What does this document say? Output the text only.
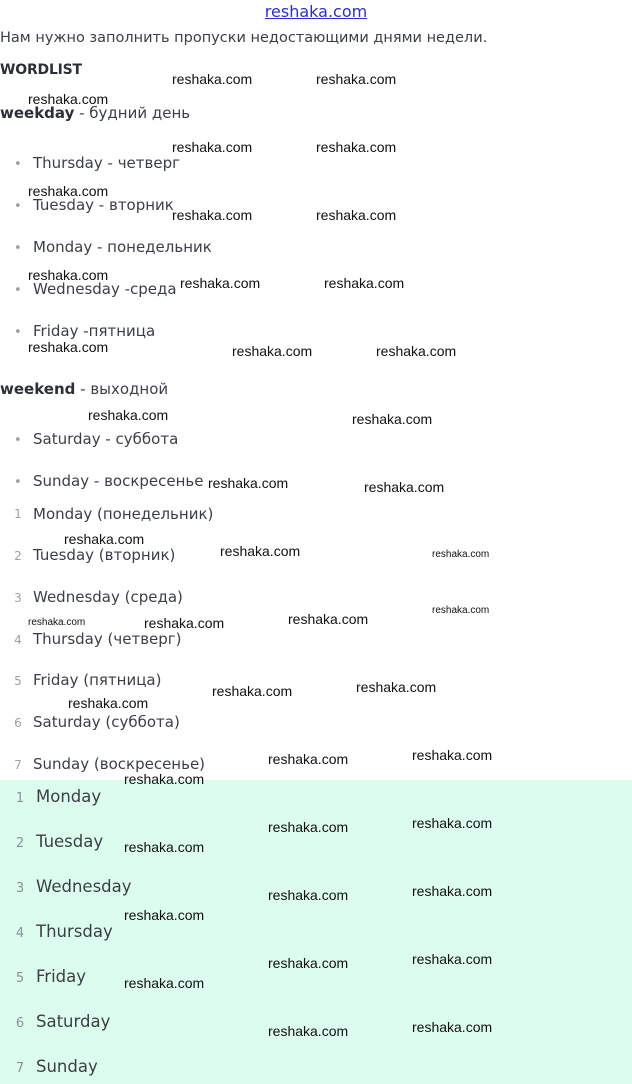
reshaka.com
Нам нужно заполнить пропуски недостающими днями недели.
WORDLIST
weekday - будний день
• Thursday - четверг
• Tuesday - вторник
• Monday - понедельник
• Wednesday -среда
• Friday -пятница
weekend - выходной
• Saturday - суббота
• Sunday - воскресенье
1 Monday (понедельник)
2 Tuesday (вторник)
3 Wednesday (среда)
4 Thursday (четверг)
5 Friday (пятница)
6 Saturday (суббота)
7 Sunday (воскресенье)
1 Monday
2 Tuesday
3 Wednesday
4 Thursday
5 Friday
6 Saturday
7 Sunday
reshaka.com	reshaka.com
reshaka.com
reshaka.com	reshaka.com
reshaka.com
reshaka.com	reshaka.com
reshaka.com	reshaka.com	reshaka.com
reshaka.com	reshaka.com	reshaka.com
reshaka.com	reshaka.com
reshaka.com	reshaka.com
reshaka.com
reshaka.com	reshaka.com
reshaka.com
reshaka.com
reshaka.com	reshaka.com
reshaka.com
reshaka.com
reshaka.com
reshaka.com
reshaka.com
reshaka.com
reshaka.com
reshaka.com
reshaka.com
reshaka.com
reshaka.com
reshaka.com
reshaka.com
reshaka.com
reshaka.com
reshaka.com
reshaka.com
